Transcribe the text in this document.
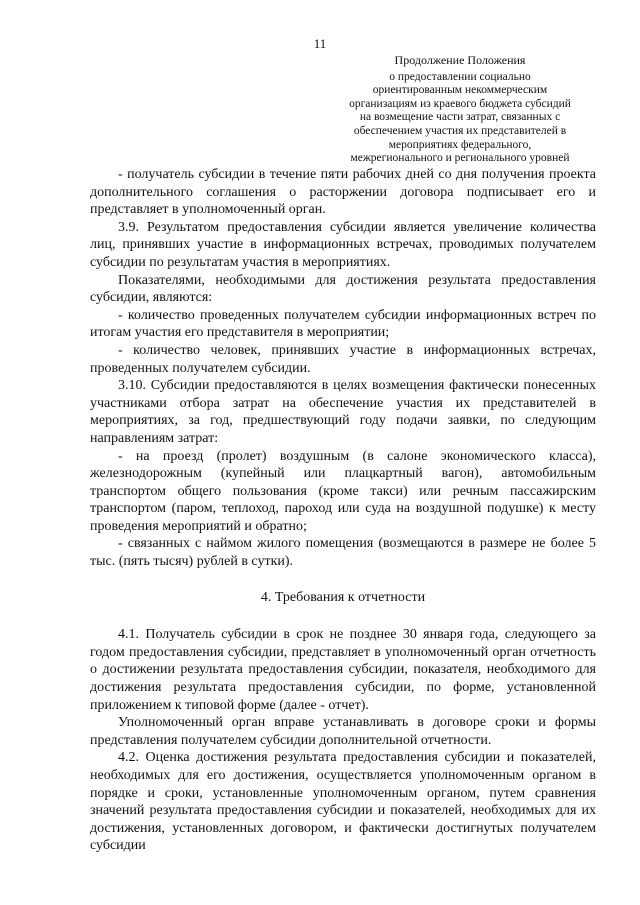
11
Продолжение Положения
о предоставлении социально
ориентированным некоммерческим
организациям из краевого бюджета субсидий
на возмещение части затрат, связанных с
обеспечением участия их представителей в
мероприятиях федерального,
межрегионального и регионального уровней

- получатель субсидии в течение пяти рабочих дней со дня получения проекта дополнительного соглашения о расторжении договора подписывает его и представляет в уполномоченный орган.

3.9. Результатом предоставления субсидии является увеличение количества лиц, принявших участие в информационных встречах, проводимых получателем субсидии по результатам участия в мероприятиях.

Показателями, необходимыми для достижения результата предоставления субсидии, являются:

- количество проведенных получателем субсидии информационных встреч по итогам участия его представителя в мероприятии;

- количество человек, принявших участие в информационных встречах, проведенных получателем субсидии.

3.10. Субсидии предоставляются в целях возмещения фактически понесенных участниками отбора затрат на обеспечение участия их представителей в мероприятиях, за год, предшествующий году подачи заявки, по следующим направлениям затрат:

- на проезд (пролет) воздушным (в салоне экономического класса), железнодорожным (купейный или плацкартный вагон), автомобильным транспортом общего пользования (кроме такси) или речным пассажирским транспортом (паром, теплоход, пароход или суда на воздушной подушке) к месту проведения мероприятий и обратно;

- связанных с наймом жилого помещения (возмещаются в размере не более 5 тыс. (пять тысяч) рублей в сутки).

4. Требования к отчетности

4.1. Получатель субсидии в срок не позднее 30 января года, следующего за годом предоставления субсидии, представляет в уполномоченный орган отчетность о достижении результата предоставления субсидии, показателя, необходимого для достижения результата предоставления субсидии, по форме, установленной приложением к типовой форме (далее - отчет).

Уполномоченный орган вправе устанавливать в договоре сроки и формы представления получателем субсидии дополнительной отчетности.

4.2. Оценка достижения результата предоставления субсидии и показателей, необходимых для его достижения, осуществляется уполномоченным органом в порядке и сроки, установленные уполномоченным органом, путем сравнения значений результата предоставления субсидии и показателей, необходимых для их достижения, установленных договором, и фактически достигнутых получателем субсидии
